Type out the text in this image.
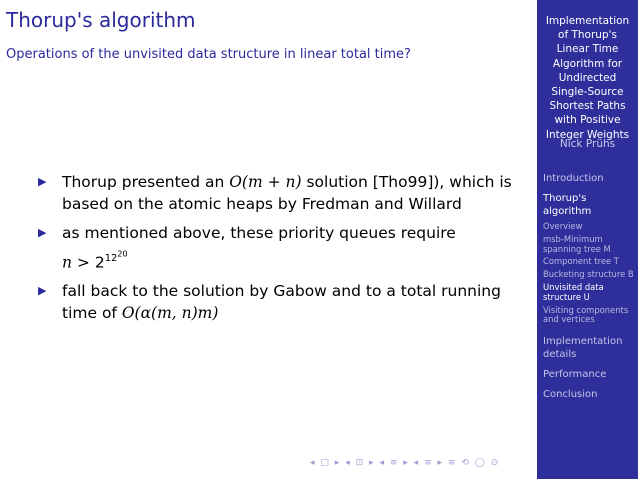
Thorup's algorithm
Operations of the unvisited data structure in linear total time?
▶	Thorup presented an O(m + n) solution [Tho99]), which is based on the atomic heaps by Fredman and Willard
▶	as mentioned above, these priority queues require
$n > 2^{12^{20}}$
▶	fall back to the solution by Gabow and to a total running time of O(α(m, n)m)
Implementation
of Thorup's
Linear Time
Algorithm for
Undirected
Single-Source
Shortest Paths
with Positive
Integer Weights
Nick Prühs
Introduction
Thorup's algorithm
Overview
msb-Minimum spanning tree M
Component tree T
Bucketing structure B
Unvisited data structure U
Visiting components and vertices
Implementation details
Performance
Conclusion
◂ □ ▸ ◂ ⊡ ▸ ◂ ≡ ▸ ◂ ≡ ▸ ≡ ⟲ ◯ ⊙
